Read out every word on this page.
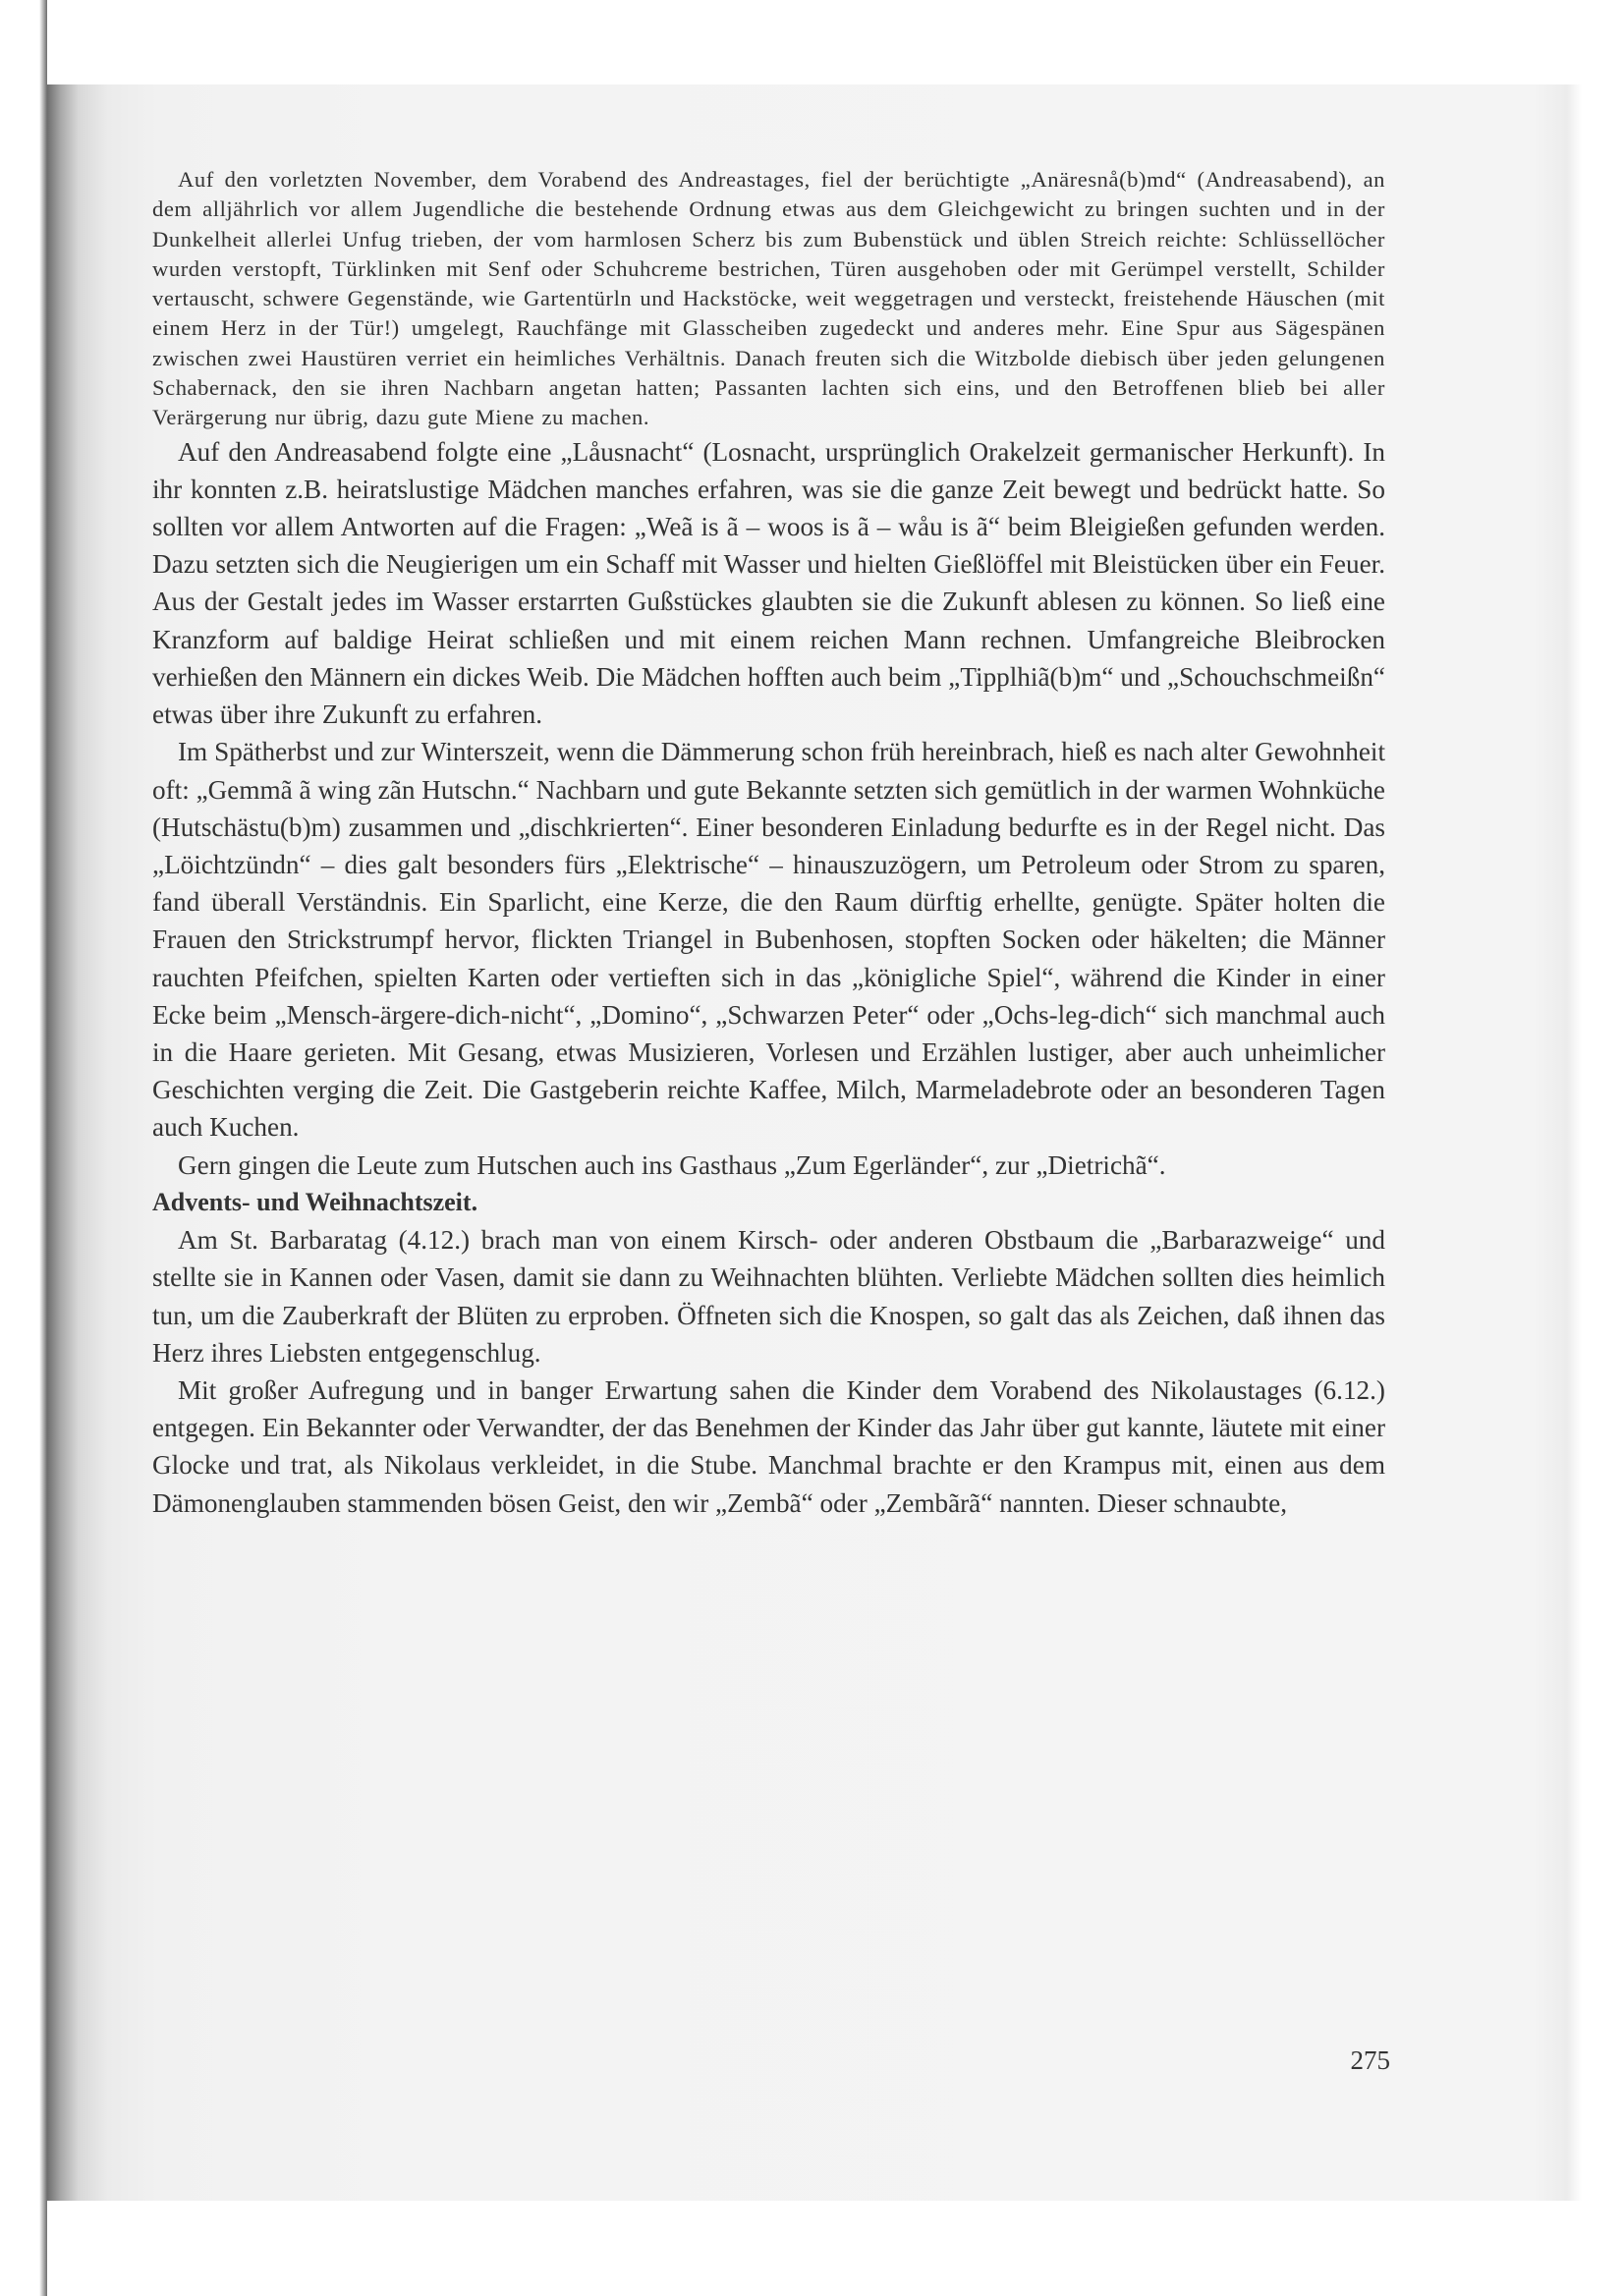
Auf den vorletzten November, dem Vorabend des Andreastages, fiel der berüchtigte „Anäresnå(b)md“ (Andreasabend), an dem alljährlich vor allem Jugendliche die bestehende Ordnung etwas aus dem Gleichgewicht zu bringen suchten und in der Dunkelheit allerlei Unfug trieben, der vom harmlosen Scherz bis zum Bubenstück und üblen Streich reichte: Schlüssellöcher wurden verstopft, Türklinken mit Senf oder Schuhcreme bestrichen, Türen ausgehoben oder mit Gerümpel verstellt, Schilder vertauscht, schwere Gegenstände, wie Gartentürln und Hackstöcke, weit weggetragen und versteckt, freistehende Häuschen (mit einem Herz in der Tür!) umgelegt, Rauchfänge mit Glasscheiben zugedeckt und anderes mehr. Eine Spur aus Sägespänen zwischen zwei Haustüren verriet ein heimliches Verhältnis. Danach freuten sich die Witzbolde diebisch über jeden gelungenen Schabernack, den sie ihren Nachbarn angetan hatten; Passanten lachten sich eins, und den Betroffenen blieb bei aller Verärgerung nur übrig, dazu gute Miene zu machen.

Auf den Andreasabend folgte eine „Låusnacht“ (Losnacht, ursprünglich Orakelzeit germanischer Herkunft). In ihr konnten z.B. heiratslustige Mädchen manches erfahren, was sie die ganze Zeit bewegt und bedrückt hatte. So sollten vor allem Antworten auf die Fragen: „Weã is ã – woos is ã – wåu is ã“ beim Bleigießen gefunden werden. Dazu setzten sich die Neugierigen um ein Schaff mit Wasser und hielten Gießlöffel mit Bleistücken über ein Feuer. Aus der Gestalt jedes im Wasser erstarrten Gußstückes glaubten sie die Zukunft ablesen zu können. So ließ eine Kranzform auf baldige Heirat schließen und mit einem reichen Mann rechnen. Umfangreiche Bleibrocken verhießen den Männern ein dickes Weib. Die Mädchen hofften auch beim „Tipplhiã(b)m“ und „Schouchschmeißn“ etwas über ihre Zukunft zu erfahren.

Im Spätherbst und zur Winterszeit, wenn die Dämmerung schon früh hereinbrach, hieß es nach alter Gewohnheit oft: „Gemmã ã wing zãn Hutschn.“ Nachbarn und gute Bekannte setzten sich gemütlich in der warmen Wohnküche (Hutschästu(b)m) zusammen und „dischkrierten“. Einer besonderen Einladung bedurfte es in der Regel nicht. Das „Löichtzündn“ – dies galt besonders fürs „Elektrische“ – hinauszuzögern, um Petroleum oder Strom zu sparen, fand überall Verständnis. Ein Sparlicht, eine Kerze, die den Raum dürftig erhellte, genügte. Später holten die Frauen den Strickstrumpf hervor, flickten Triangel in Bubenhosen, stopften Socken oder häkelten; die Männer rauchten Pfeifchen, spielten Karten oder vertieften sich in das „königliche Spiel“, während die Kinder in einer Ecke beim „Mensch-ärgere-dich-nicht“, „Domino“, „Schwarzen Peter“ oder „Ochs-leg-dich“ sich manchmal auch in die Haare gerieten. Mit Gesang, etwas Musizieren, Vorlesen und Erzählen lustiger, aber auch unheimlicher Geschichten verging die Zeit. Die Gastgeberin reichte Kaffee, Milch, Marmeladebrote oder an besonderen Tagen auch Kuchen.

Gern gingen die Leute zum Hutschen auch ins Gasthaus „Zum Egerländer“, zur „Dietrichã“.

Advents- und Weihnachtszeit.

Am St. Barbaratag (4.12.) brach man von einem Kirsch- oder anderen Obstbaum die „Barbarazweige“ und stellte sie in Kannen oder Vasen, damit sie dann zu Weihnachten blühten. Verliebte Mädchen sollten dies heimlich tun, um die Zauberkraft der Blüten zu erproben. Öffneten sich die Knospen, so galt das als Zeichen, daß ihnen das Herz ihres Liebsten entgegenschlug.

Mit großer Aufregung und in banger Erwartung sahen die Kinder dem Vorabend des Nikolaustages (6.12.) entgegen. Ein Bekannter oder Verwandter, der das Benehmen der Kinder das Jahr über gut kannte, läutete mit einer Glocke und trat, als Nikolaus verkleidet, in die Stube. Manchmal brachte er den Krampus mit, einen aus dem Dämonenglauben stammenden bösen Geist, den wir „Zembã“ oder „Zembãrã“ nannten. Dieser schnaubte,

275
